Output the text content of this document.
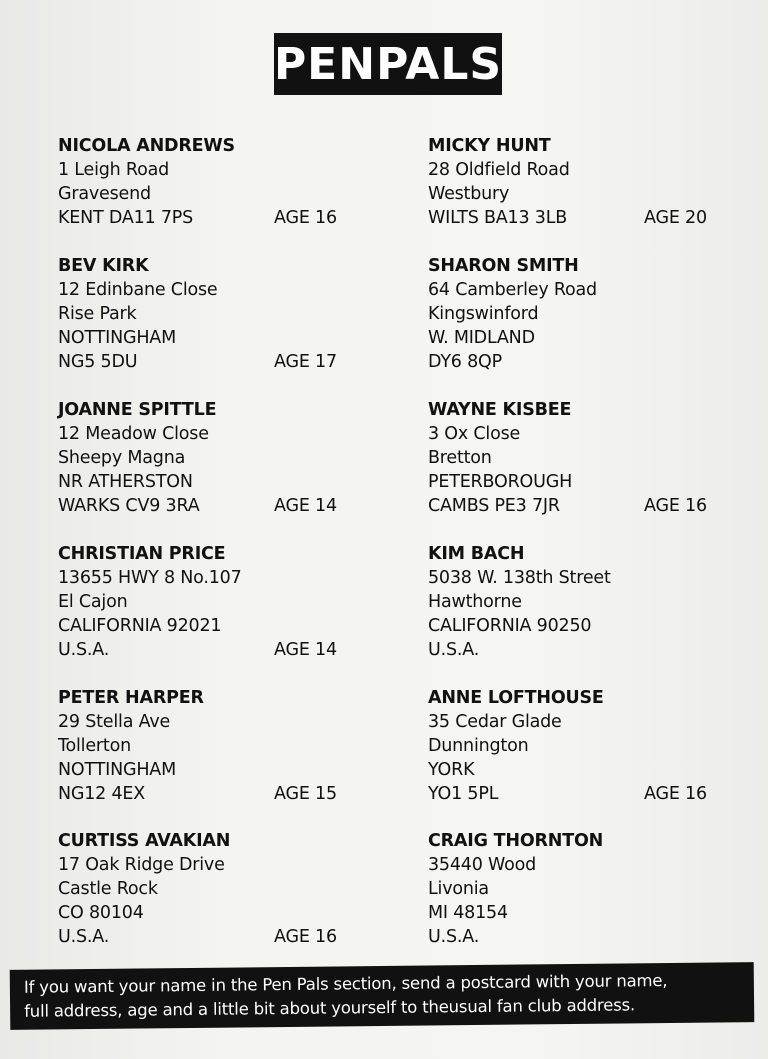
PENPALS
NICOLA ANDREWS
1 Leigh Road
Gravesend
KENT DA11 7PS	AGE 16
MICKY HUNT
28 Oldfield Road
Westbury
WILTS BA13 3LB	AGE 20
BEV KIRK
12 Edinbane Close
Rise Park
NOTTINGHAM
NG5 5DU	AGE 17
SHARON SMITH
64 Camberley Road
Kingswinford
W. MIDLAND
DY6 8QP
JOANNE SPITTLE
12 Meadow Close
Sheepy Magna
NR ATHERSTON
WARKS CV9 3RA	AGE 14
WAYNE KISBEE
3 Ox Close
Bretton
PETERBOROUGH
CAMBS PE3 7JR	AGE 16
CHRISTIAN PRICE
13655 HWY 8 No.107
El Cajon
CALIFORNIA 92021
U.S.A.	AGE 14
KIM BACH
5038 W. 138th Street
Hawthorne
CALIFORNIA 90250
U.S.A.
PETER HARPER
29 Stella Ave
Tollerton
NOTTINGHAM
NG12 4EX	AGE 15
ANNE LOFTHOUSE
35 Cedar Glade
Dunnington
YORK
YO1 5PL	AGE 16
CURTISS AVAKIAN
17 Oak Ridge Drive
Castle Rock
CO 80104
U.S.A.	AGE 16
CRAIG THORNTON
35440 Wood
Livonia
MI 48154
U.S.A.
If you want your name in the Pen Pals section, send a postcard with your name,
full address, age and a little bit about yourself to theusual fan club address.
